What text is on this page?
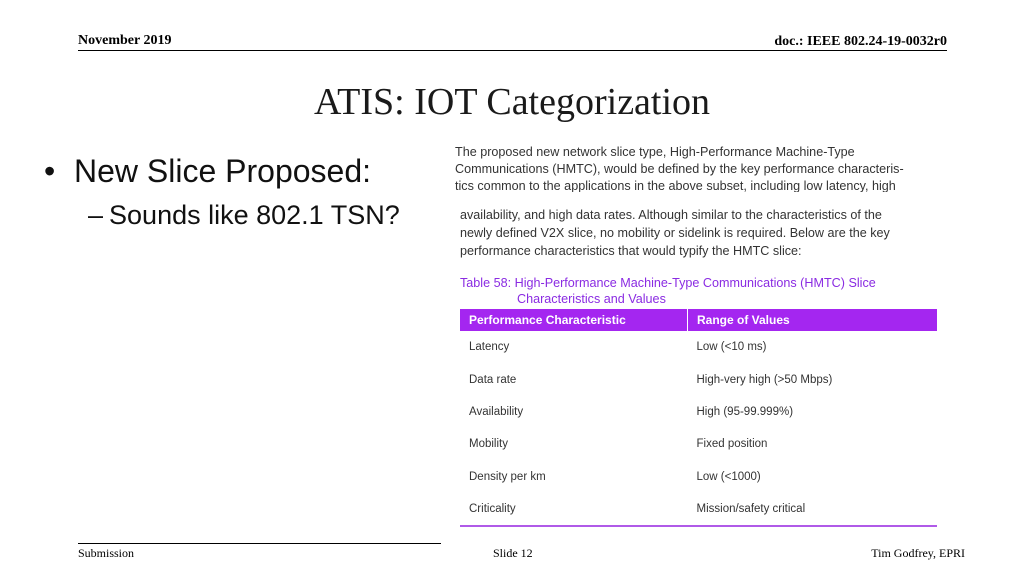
November 2019	doc.: IEEE 802.24-19-0032r0
ATIS: IOT Categorization
• New Slice Proposed:
– Sounds like 802.1 TSN?
The proposed new network slice type, High-Performance Machine-Type
Communications (HMTC), would be defined by the key performance characteris-
tics common to the applications in the above subset, including low latency, high
availability, and high data rates. Although similar to the characteristics of the
newly defined V2X slice, no mobility or sidelink is required. Below are the key
performance characteristics that would typify the HMTC slice:
Table 58: High-Performance Machine-Type Communications (HMTC) Slice
Characteristics and Values
Performance Characteristic	Range of Values
Latency	Low (<10 ms)
Data rate	High-very high (>50 Mbps)
Availability	High (95-99.999%)
Mobility	Fixed position
Density per km	Low (<1000)
Criticality	Mission/safety critical
Submission	Slide 12	Tim Godfrey, EPRI
